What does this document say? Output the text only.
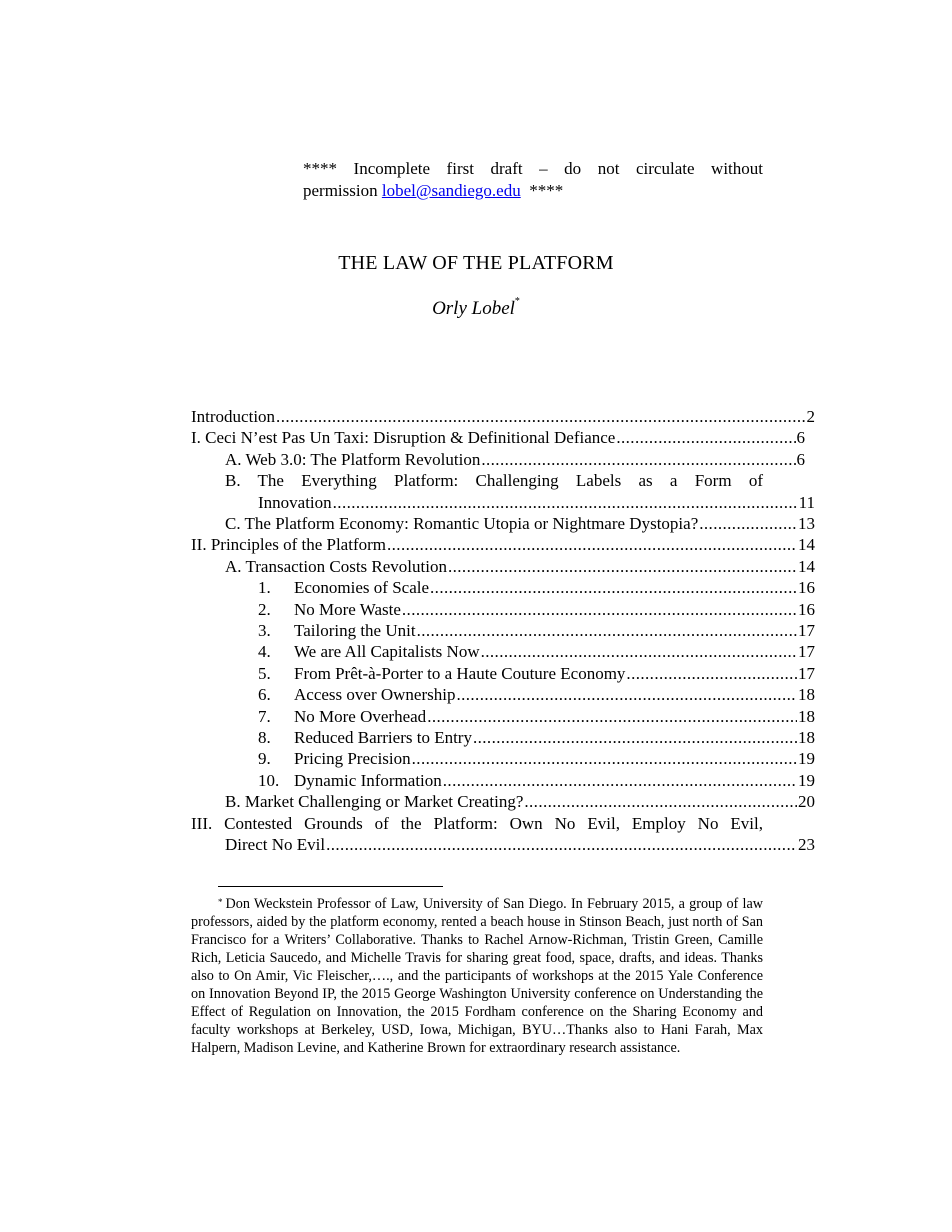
**** Incomplete first draft – do not circulate without
permission lobel@sandiego.edu  ****
THE LAW OF THE PLATFORM
Orly Lobel*
Introduction .....	2
I. Ceci N’est Pas Un Taxi: Disruption & Definitional Defiance .....	6
A. Web 3.0: The Platform Revolution .....	6
B. The Everything Platform: Challenging Labels as a Form of
Innovation .....	11
C. The Platform Economy: Romantic Utopia or Nightmare Dystopia? .....	13
II. Principles of the Platform .....	14
A. Transaction Costs Revolution .....	14
1. Economies of Scale .....	16
2. No More Waste .....	16
3. Tailoring the Unit .....	17
4. We are All Capitalists Now .....	17
5. From Prêt-à-Porter to a Haute Couture Economy .....	17
6. Access over Ownership .....	18
7. No More Overhead .....	18
8. Reduced Barriers to Entry .....	18
9. Pricing Precision .....	19
10. Dynamic Information .....	19
B. Market Challenging or Market Creating? .....	20
III. Contested Grounds of the Platform: Own No Evil, Employ No Evil,
Direct No Evil .....	23
* Don Weckstein Professor of Law, University of San Diego. In February 2015, a group of law professors, aided by the platform economy, rented a beach house in Stinson Beach, just north of San Francisco for a Writers’ Collaborative. Thanks to Rachel Arnow-Richman, Tristin Green, Camille Rich, Leticia Saucedo, and Michelle Travis for sharing great food, space, drafts, and ideas. Thanks also to On Amir, Vic Fleischer,…., and the participants of workshops at the 2015 Yale Conference on Innovation Beyond IP, the 2015 George Washington University conference on Understanding the Effect of Regulation on Innovation, the 2015 Fordham conference on the Sharing Economy and faculty workshops at Berkeley, USD, Iowa, Michigan, BYU…Thanks also to Hani Farah, Max Halpern, Madison Levine, and Katherine Brown for extraordinary research assistance.
